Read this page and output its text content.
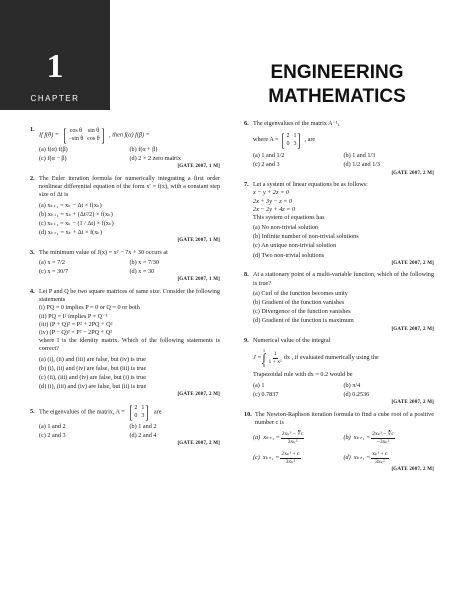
1
CHAPTER
ENGINEERING
MATHEMATICS
1.
If f(θ) = [ cos θ sin θ
−sin θ cos θ ] , then f(α) f(β) =
(a) f(α) f(β)	(b) f(α + β)
(c) f(α − β)	(d) 2 × 2 zero matrix
[GATE 2007, 1 M]
2. The Euler iteration formula for numerically integrating a first order nonlinear differential equation of the form x′ = f(x), with a constant step size of Δt is
(a) xₖ₊₁ = xₖ − Δt × f(xₖ)
(b) xₖ₊₁ = xₖ + (Δt²/2) × f(xₖ)
(c) xₖ₊₁ = xₖ − (1 / Δt) × f(xₖ)
(d) xₖ₊₁ = xₖ + Δt × f(xₖ)
[GATE 2007, 1 M]
3. The minimum value of J(x) = x² − 7x + 30 occurs at
(a) x = 7/2	(b) x = 7/30
(c) x = 30/7	(d) x = 30
[GATE 2007, 1 M]
4. Let P and Q be two square matrices of same size. Consider the following statements
(i) PQ = 0 implies P = 0 or Q = 0 or both
(ii) PQ = I² implies P = Q⁻¹
(iii) (P + Q)² = P² + 2PQ + Q²
(iv) (P − Q)² = P² − 2PQ + Q²
where I is the identity matrix. Which of the following statements is correct?
(a) (i), (ii) and (iii) are false, but (iv) is true
(b) (i), (ii) and (iv) are false, but (iii) is true
(c) (ii), (iii) and (iv) are false, but (i) is true
(d) (i), (iii) and (iv) are false, but (ii) is true
[GATE 2007, 2 M]
5. The eigenvalues of the matrix, A = [ 2 1
0 3 ] are
(a) 1 and 2	(b) 1 and 2
(c) 2 and 3	(d) 2 and 4
[GATE 2007, 2 M]
6. The eigenvalues of the matrix A⁻¹,
where A = [ 2 1
0 3 ] , are
(a) 1 and 1/2	(b) 1 and 1/3
(c) 2 and 3	(d) 1/2 and 1/3
[GATE 2007, 2 M]
7. Let a system of linear equations be as follows:
x − y + 2z = 0
2x + 3y − z = 0
2x − 2y + 4z = 0
This system of equations has
(a) No non-trivial solution
(b) Infinite number of non-trivial solutions
(c) An unique non-trivial solution
(d) Two non-trivial solutions
[GATE 2007, 2 M]
8. At a stationary point of a multi-variable function, which of the following is true?
(a) Curl of the function becomes unity
(b) Gradient of the function vanishes
(c) Divergence of the function vanishes
(d) Gradient of the function is maximum
[GATE 2007, 2 M]
9. Numerical value of the integral
J =
1
∫
$0 \frac{1}{\text{1 + x²}}$ dx , if evaluated numerically using the
Trapezoidal rule with dx = 0.2 would be
(a) 1	(b) π/4
(c) 0.7837	(d) 0.2536
[GATE 2007, 2 M]
10. The Newton-Raphson iteration formula to find a cube root of a positive number c is
(a) $x_{k+1} = \frac{\text{2xₖ³ − ∛c}}{\text{3xₖ²}}$	(b) $x_{k+1} = \frac{\text{2xₖ³ − ∛c}}{\text{−3xₖ²}}$
(c) $x_{k+1} = \frac{\text{2xₖ³ + c}}{\text{3xₖ²}}$	(d) $x_{k+1} = \frac{\text{xₖ³ + c}}{\text{3xₖ²}}$
[GATE 2007, 2 M]
